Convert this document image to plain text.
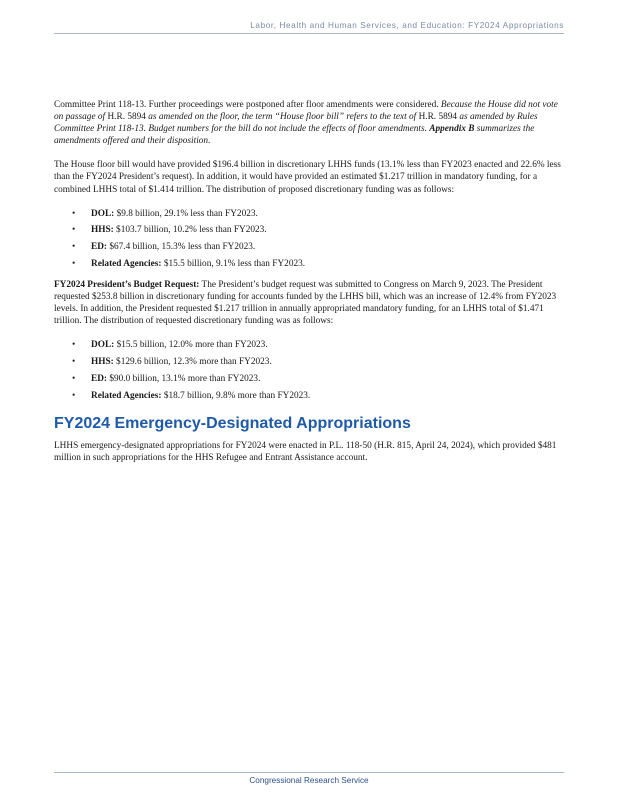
Labor, Health and Human Services, and Education: FY2024 Appropriations

Committee Print 118-13. Further proceedings were postponed after floor amendments were considered. Because the House did not vote on passage of H.R. 5894 as amended on the floor, the term “House floor bill” refers to the text of H.R. 5894 as amended by Rules Committee Print 118-13. Budget numbers for the bill do not include the effects of floor amendments. Appendix B summarizes the amendments offered and their disposition.

The House floor bill would have provided $196.4 billion in discretionary LHHS funds (13.1% less than FY2023 enacted and 22.6% less than the FY2024 President’s request). In addition, it would have provided an estimated $1.217 trillion in mandatory funding, for a combined LHHS total of $1.414 trillion. The distribution of proposed discretionary funding was as follows:

• DOL: $9.8 billion, 29.1% less than FY2023.
• HHS: $103.7 billion, 10.2% less than FY2023.
• ED: $67.4 billion, 15.3% less than FY2023.
• Related Agencies: $15.5 billion, 9.1% less than FY2023.

FY2024 President’s Budget Request: The President’s budget request was submitted to Congress on March 9, 2023. The President requested $253.8 billion in discretionary funding for accounts funded by the LHHS bill, which was an increase of 12.4% from FY2023 levels. In addition, the President requested $1.217 trillion in annually appropriated mandatory funding, for an LHHS total of $1.471 trillion. The distribution of requested discretionary funding was as follows:

• DOL: $15.5 billion, 12.0% more than FY2023.
• HHS: $129.6 billion, 12.3% more than FY2023.
• ED: $90.0 billion, 13.1% more than FY2023.
• Related Agencies: $18.7 billion, 9.8% more than FY2023.
FY2024 Emergency-Designated Appropriations

LHHS emergency-designated appropriations for FY2024 were enacted in P.L. 118-50 (H.R. 815, April 24, 2024), which provided $481 million in such appropriations for the HHS Refugee and Entrant Assistance account.

Congressional Research Service
